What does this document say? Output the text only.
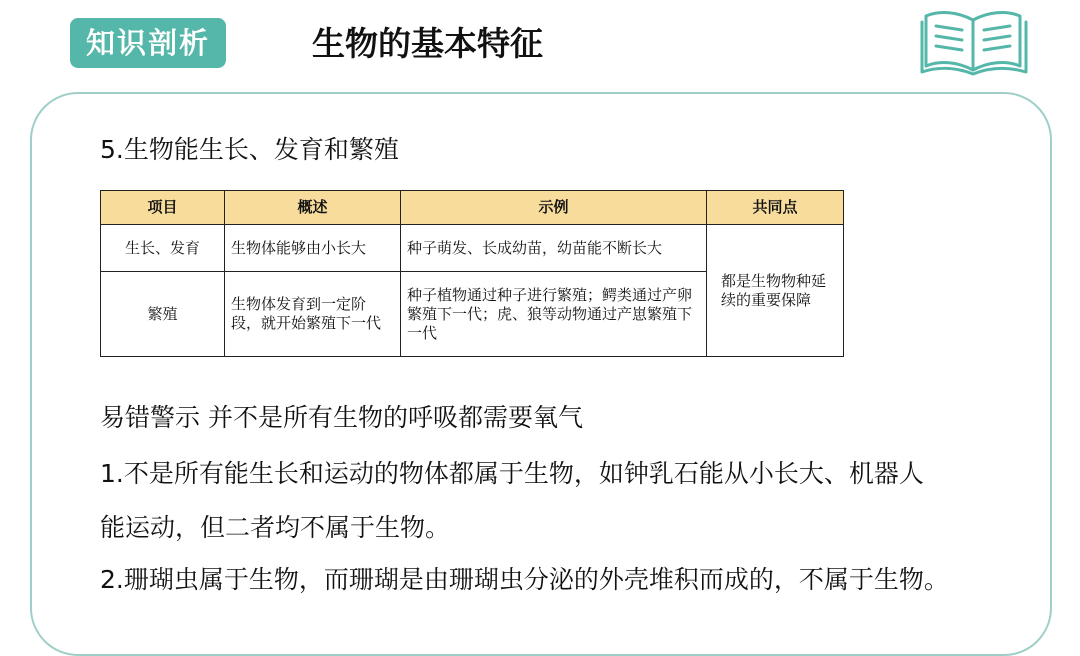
知识剖析	生物的基本特征
5.生物能生长、发育和繁殖
项目	概述	示例	共同点
生长、发育	生物体能够由小长大	种子萌发、长成幼苗，幼苗能不断长大	都是生物物种延续的重要保障
繁殖	生物体发育到一定阶段，就开始繁殖下一代	种子植物通过种子进行繁殖；鳄类通过产卵繁殖下一代；虎、狼等动物通过产崽繁殖下一代	
易错警示 并不是所有生物的呼吸都需要氧气
1.不是所有能生长和运动的物体都属于生物，如钟乳石能从小长大、机器人
能运动，但二者均不属于生物。
2.珊瑚虫属于生物，而珊瑚是由珊瑚虫分泌的外壳堆积而成的，不属于生物。
